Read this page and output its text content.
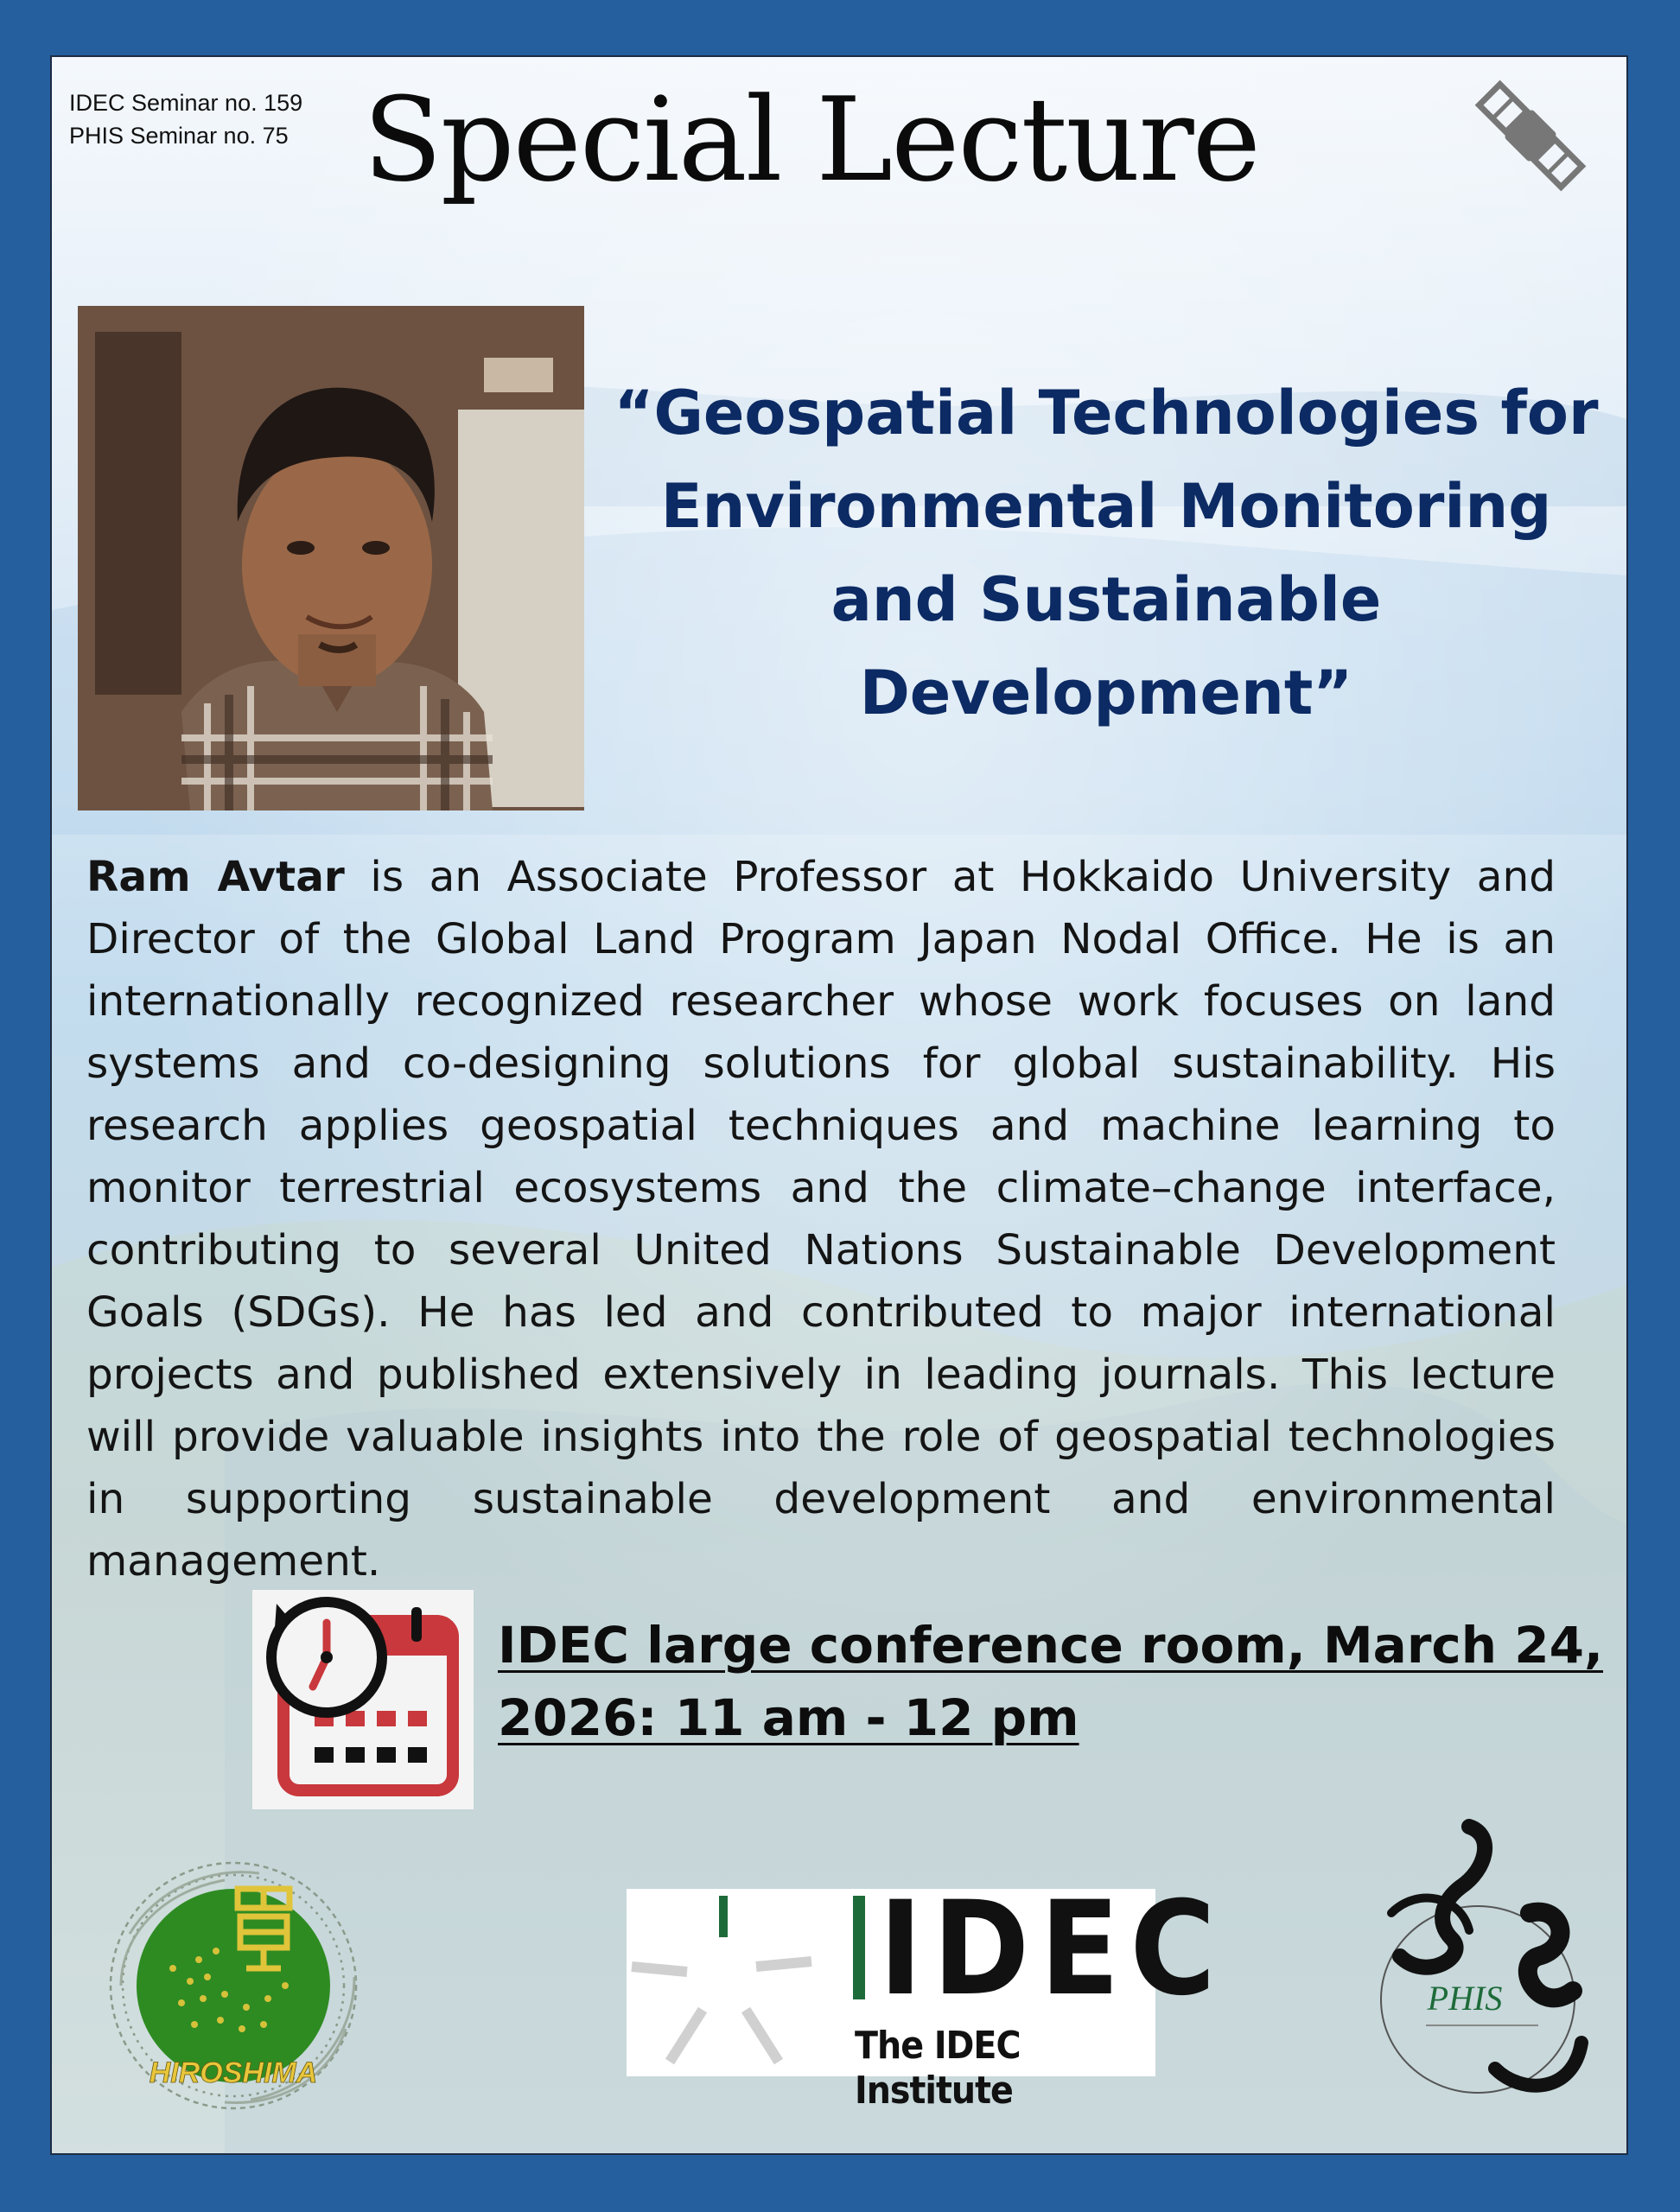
IDEC Seminar no. 159
PHIS Seminar no. 75 Special Lecture
“Geospatial Technologies for Environmental Monitoring and Sustainable Development”
Ram Avtar is an Associate Professor at Hokkaido University and Director of the Global Land Program Japan Nodal Office. He is an internationally recognized researcher whose work focuses on land systems and co-designing solutions for global sustainability. His research applies geospatial techniques and machine learning to monitor terrestrial ecosystems and the climate–change interface, contributing to several United Nations Sustainable Development Goals (SDGs). He has led and contributed to major international projects and published extensively in leading journals. This lecture will provide valuable insights into the role of geospatial technologies in supporting sustainable development and environmental management.
IDEC large conference room, March 24, 2026: 11 am - 12 pm
HIROSHIMA
IDEC
The IDEC Institute
PHIS
